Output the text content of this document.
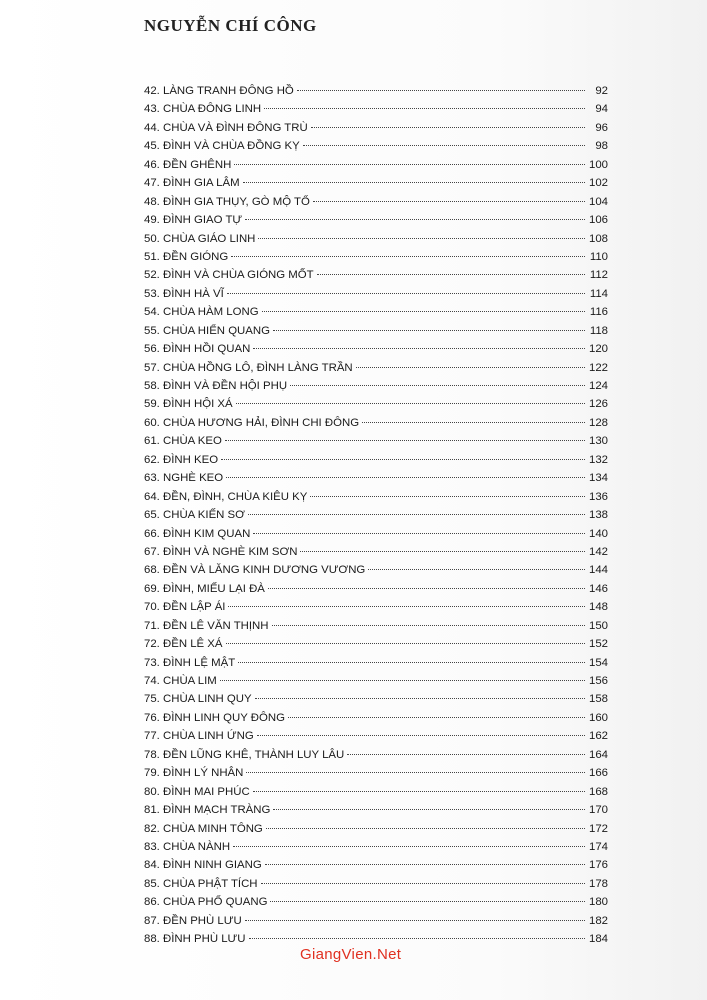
NGUYỄN CHÍ CÔNG
42. LÀNG TRANH ĐÔNG HỒ	92
43. CHÙA ĐÔNG LINH	94
44. CHÙA VÀ ĐÌNH ĐÔNG TRÙ	96
45. ĐÌNH VÀ CHÙA ĐỒNG KỴ	98
46. ĐỀN GHÊNH	100
47. ĐÌNH GIA LÂM	102
48. ĐÌNH GIA THỤY, GÒ MỘ TỔ	104
49. ĐÌNH GIAO TỰ	106
50. CHÙA GIÁO LINH	108
51. ĐỀN GIÓNG	110
52. ĐÌNH VÀ CHÙA GIÓNG MỐT	112
53. ĐÌNH HÀ VĨ	114
54. CHÙA HÀM LONG	116
55. CHÙA HIỂN QUANG	118
56. ĐÌNH HỒI QUAN	120
57. CHÙA HỒNG LÔ, ĐÌNH LÀNG TRẦN	122
58. ĐÌNH VÀ ĐỀN HỘI PHỤ	124
59. ĐÌNH HỘI XÁ	126
60. CHÙA HƯƠNG HẢI, ĐÌNH CHI ĐÔNG	128
61. CHÙA KEO	130
62. ĐÌNH KEO	132
63. NGHÈ KEO	134
64. ĐỀN, ĐÌNH, CHÙA KIÊU KỴ	136
65. CHÙA KIẾN SƠ	138
66. ĐÌNH KIM QUAN	140
67. ĐÌNH VÀ NGHÈ KIM SƠN	142
68. ĐỀN VÀ LĂNG KINH DƯƠNG VƯƠNG	144
69. ĐÌNH, MIẾU LẠI ĐÀ	146
70. ĐỀN LẬP ÁI	148
71. ĐỀN LÊ VĂN THỊNH	150
72. ĐỀN LÊ XÁ	152
73. ĐÌNH LỆ MẬT	154
74. CHÙA LIM	156
75. CHÙA LINH QUY	158
76. ĐÌNH LINH QUY ĐÔNG	160
77. CHÙA LINH ỨNG	162
78. ĐỀN LŨNG KHÊ, THÀNH LUY LÂU	164
79. ĐÌNH LÝ NHÂN	166
80. ĐÌNH MAI PHÚC	168
81. ĐÌNH MẠCH TRÀNG	170
82. CHÙA MINH TÔNG	172
83. CHÙA NÀNH	174
84. ĐÌNH NINH GIANG	176
85. CHÙA PHẬT TÍCH	178
86. CHÙA PHỔ QUANG	180
87. ĐỀN PHÙ LƯU	182
88. ĐÌNH PHÙ LƯU	184
GiangVien.Net
